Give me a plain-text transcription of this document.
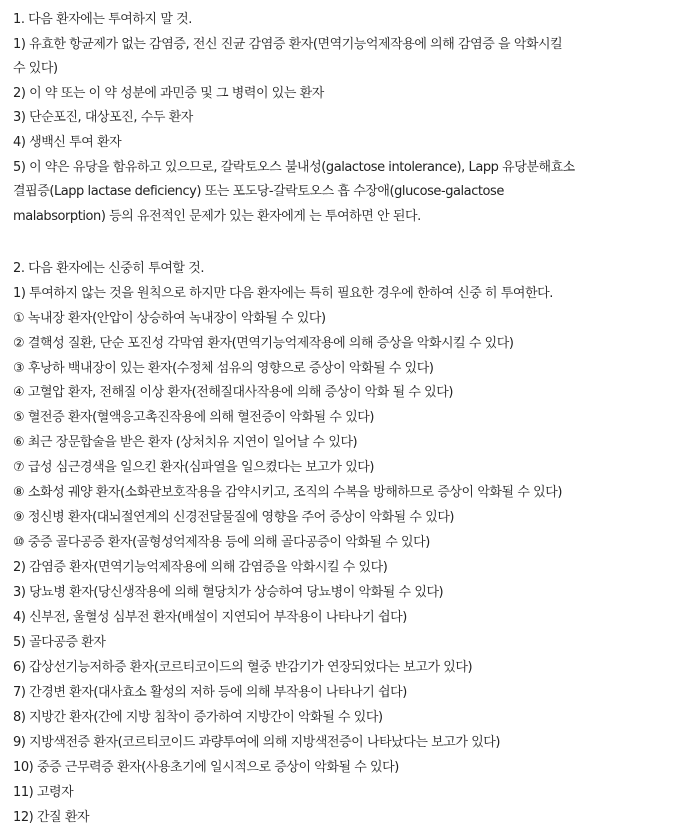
1. 다음 환자에는 투여하지 말 것.
1) 유효한 항균제가 없는 감염증, 전신 진균 감염증 환자(면역기능억제작용에 의해 감염증 을 악화시킬
수 있다)
2) 이 약 또는 이 약 성분에 과민증 및 그 병력이 있는 환자
3) 단순포진, 대상포진, 수두 환자
4) 생백신 투여 환자
5) 이 약은 유당을 함유하고 있으므로, 갈락토오스 불내성(galactose intolerance), Lapp 유당분해효소
결핍증(Lapp lactase deficiency) 또는 포도당-갈락토오스 흡 수장애(glucose-galactose
malabsorption) 등의 유전적인 문제가 있는 환자에게 는 투여하면 안 된다.
2. 다음 환자에는 신중히 투여할 것.
1) 투여하지 않는 것을 원칙으로 하지만 다음 환자에는 특히 필요한 경우에 한하여 신중 히 투여한다.
① 녹내장 환자(안압이 상승하여 녹내장이 악화될 수 있다)
② 결핵성 질환, 단순 포진성 각막염 환자(면역기능억제작용에 의해 증상을 악화시킬 수 있다)
③ 후낭하 백내장이 있는 환자(수정체 섬유의 영향으로 증상이 악화될 수 있다)
④ 고혈압 환자, 전해질 이상 환자(전해질대사작용에 의해 증상이 악화 될 수 있다)
⑤ 혈전증 환자(혈액응고촉진작용에 의해 혈전증이 악화될 수 있다)
⑥ 최근 장문합술을 받은 환자 (상처치유 지연이 일어날 수 있다)
⑦ 급성 심근경색을 일으킨 환자(심파열을 일으켰다는 보고가 있다)
⑧ 소화성 궤양 환자(소화관보호작용을 감약시키고, 조직의 수복을 방해하므로 증상이 악화될 수 있다)
⑨ 정신병 환자(대뇌절연계의 신경전달물질에 영향을 주어 증상이 악화될 수 있다)
⑩ 중증 골다공증 환자(골형성억제작용 등에 의해 골다공증이 악화될 수 있다)
2) 감염증 환자(면역기능억제작용에 의해 감염증을 악화시킬 수 있다)
3) 당뇨병 환자(당신생작용에 의해 혈당치가 상승하여 당뇨병이 악화될 수 있다)
4) 신부전, 울혈성 심부전 환자(배설이 지연되어 부작용이 나타나기 쉽다)
5) 골다공증 환자
6) 갑상선기능저하증 환자(코르티코이드의 혈중 반감기가 연장되었다는 보고가 있다)
7) 간경변 환자(대사효소 활성의 저하 등에 의해 부작용이 나타나기 쉽다)
8) 지방간 환자(간에 지방 침착이 증가하여 지방간이 악화될 수 있다)
9) 지방색전증 환자(코르티코이드 과량투여에 의해 지방색전증이 나타났다는 보고가 있다)
10) 중증 근무력증 환자(사용초기에 일시적으로 증상이 악화될 수 있다)
11) 고령자
12) 간질 환자
